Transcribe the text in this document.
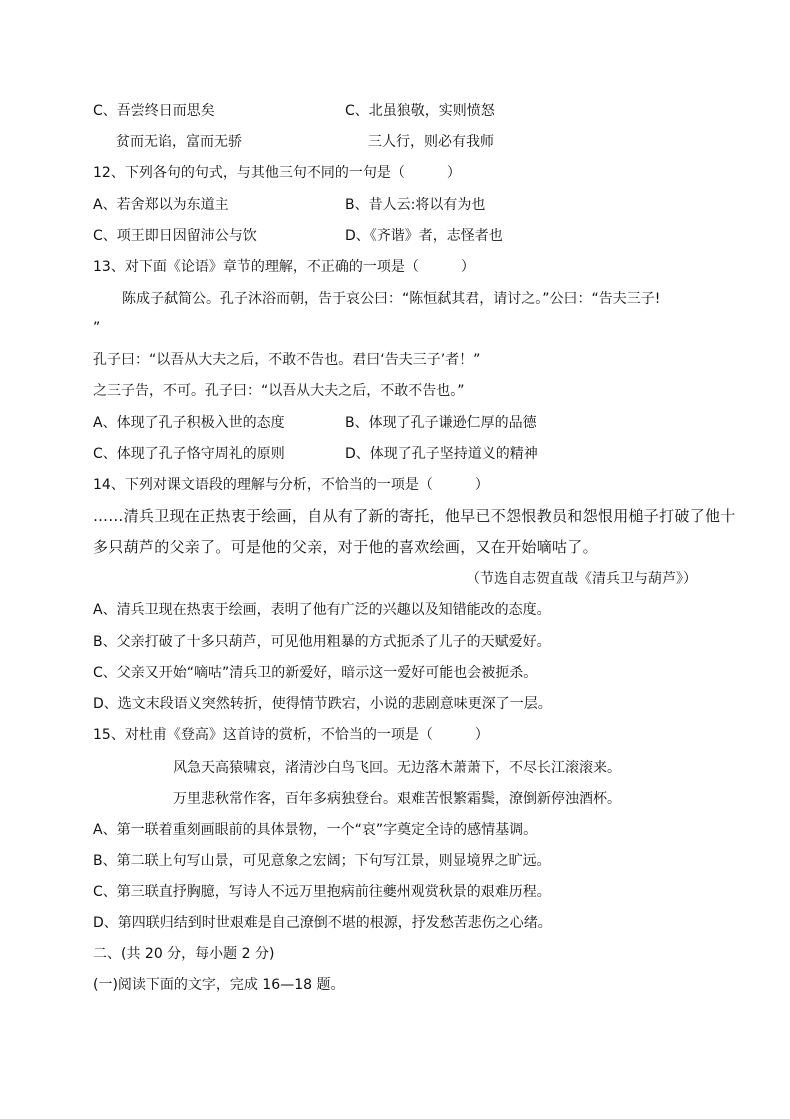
C、吾尝终日而思矣	C、北虽狼敬，实则愤怒
贫而无谄，富而无骄	三人行，则必有我师
12、下列各句的句式，与其他三句不同的一句是（　　　）
A、若舍郑以为东道主	B、昔人云:将以有为也
C、项王即日因留沛公与饮	D、《齐谐》者，志怪者也
13、对下面《论语》章节的理解，不正确的一项是（　　　）
陈成子弑简公。孔子沐浴而朝，告于哀公曰：“陈恒弑其君，请讨之。”公曰：“告夫三子!
”
孔子曰：“以吾从大夫之后，不敢不告也。君曰‘告夫三子’者！”
之三子告，不可。孔子曰：“以吾从大夫之后，不敢不告也。”
A、体现了孔子积极入世的态度	B、体现了孔子谦逊仁厚的品德
C、体现了孔子恪守周礼的原则	D、体现了孔子坚持道义的精神
14、下列对课文语段的理解与分析，不恰当的一项是（　　　）
……清兵卫现在正热衷于绘画，自从有了新的寄托，他早已不怨恨教员和怨恨用槌子打破了他十
多只葫芦的父亲了。可是他的父亲，对于他的喜欢绘画，又在开始嘀咕了。
（节选自志贺直哉《清兵卫与葫芦》）
A、清兵卫现在热衷于绘画，表明了他有广泛的兴趣以及知错能改的态度。
B、父亲打破了十多只葫芦，可见他用粗暴的方式扼杀了儿子的天赋爱好。
C、父亲又开始“嘀咕”清兵卫的新爱好，暗示这一爱好可能也会被扼杀。
D、选文末段语义突然转折，使得情节跌宕，小说的悲剧意味更深了一层。
15、对杜甫《登高》这首诗的赏析，不恰当的一项是（　　　）
风急天高猿啸哀，渚清沙白鸟飞回。无边落木萧萧下，不尽长江滚滚来。
万里悲秋常作客，百年多病独登台。艰难苦恨繁霜鬓，潦倒新停浊酒杯。
A、第一联着重刻画眼前的具体景物，一个“哀”字奠定全诗的感情基调。
B、第二联上句写山景，可见意象之宏阔；下句写江景，则显境界之旷远。
C、第三联直抒胸臆，写诗人不远万里抱病前往夔州观赏秋景的艰难历程。
D、第四联归结到时世艰难是自己潦倒不堪的根源，抒发愁苦悲伤之心绪。
二、(共 20 分，每小题 2 分)
(一)阅读下面的文字，完成 16—18 题。
